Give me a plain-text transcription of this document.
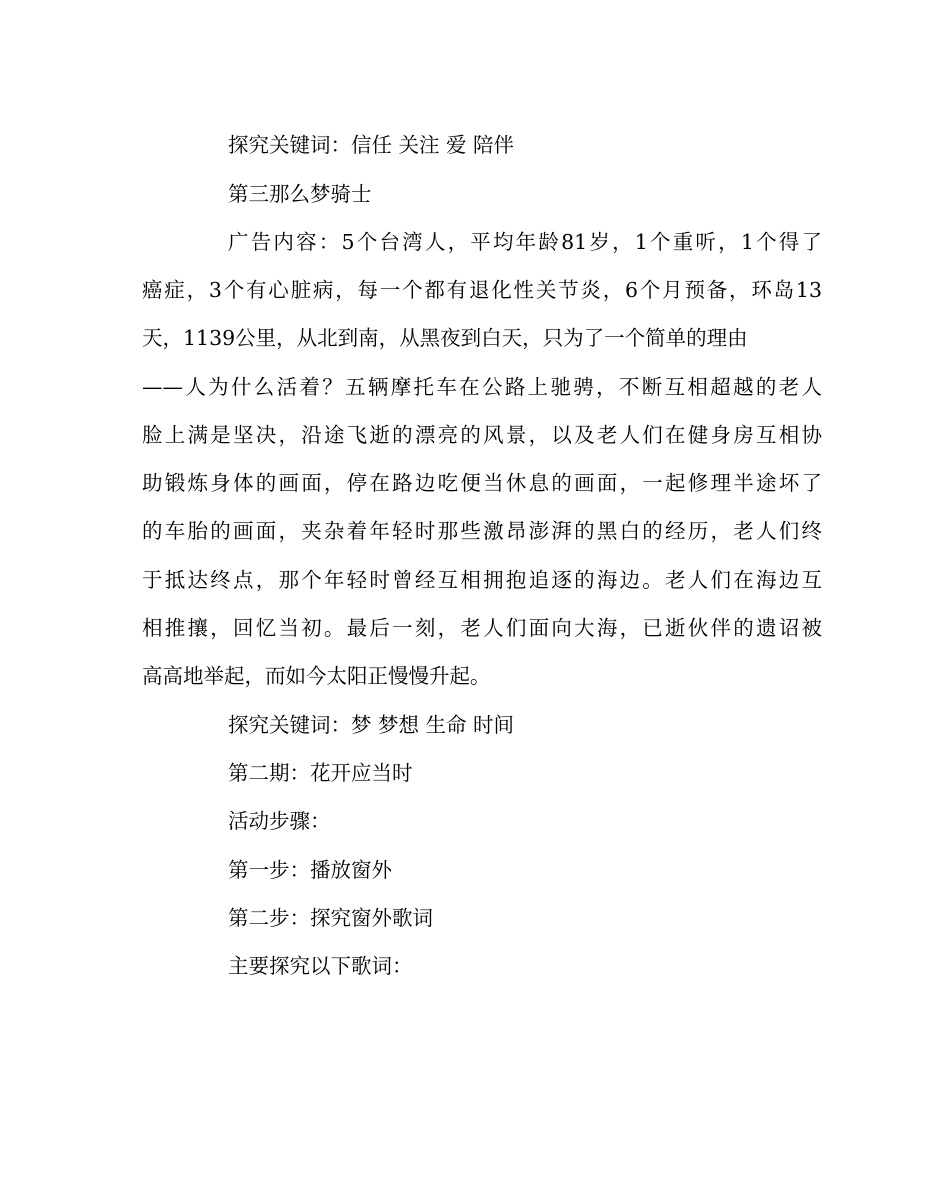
探究关键词：信任 关注 爱 陪伴
第三那么梦骑士
广告内容：5个台湾人，平均年龄81岁，1个重听，1个得了
癌症，3个有心脏病，每一个都有退化性关节炎，6个月预备，环岛13
天，1139公里，从北到南，从黑夜到白天，只为了一个简单的理由
——人为什么活着？五辆摩托车在公路上驰骋，不断互相超越的老人
脸上满是坚决，沿途飞逝的漂亮的风景，以及老人们在健身房互相协
助锻炼身体的画面，停在路边吃便当休息的画面，一起修理半途坏了
的车胎的画面，夹杂着年轻时那些激昂澎湃的黑白的经历，老人们终
于抵达终点，那个年轻时曾经互相拥抱追逐的海边。老人们在海边互
相推攘，回忆当初。最后一刻，老人们面向大海，已逝伙伴的遗诏被
高高地举起，而如今太阳正慢慢升起。
探究关键词：梦 梦想 生命 时间
第二期：花开应当时
活动步骤：
第一步：播放窗外
第二步：探究窗外歌词
主要探究以下歌词：
